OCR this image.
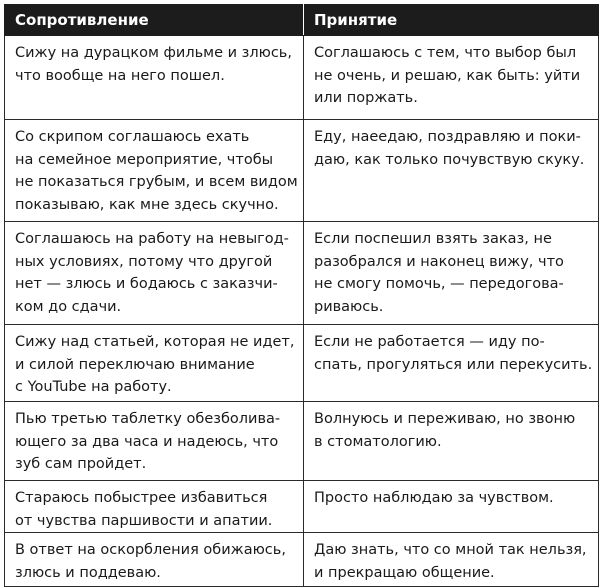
Сопротивление	Принятие

Сижу на дурацком фильме и злюсь,
что вообще на него пошел.	Соглашаюсь с тем, что выбор был
не очень, и решаю, как быть: уйти
или поржать.

Со скрипом соглашаюсь ехать
на семейное мероприятие, чтобы
не показаться грубым, и всем видом
показываю, как мне здесь скучно.	Еду, наеедаю, поздравляю и поки-
даю, как только почувствую скуку.

Соглашаюсь на работу на невыгод-
ных условиях, потому что другой
нет — злюсь и бодаюсь с заказчи-
ком до сдачи.	Если поспешил взять заказ, не
разобрался и наконец вижу, что
не смогу помочь, — передогова-
риваюсь.

Сижу над статьей, которая не идет,
и силой переключаю внимание
с YouTube на работу.	Если не работается — иду по-
спать, прогуляться или перекусить.

Пью третью таблетку обезболива-
ющего за два часа и надеюсь, что
зуб сам пройдет.	Волнуюсь и переживаю, но звоню
в стоматологию.

Стараюсь побыстрее избавиться
от чувства паршивости и апатии.	Просто наблюдаю за чувством.

В ответ на оскорбления обижаюсь,
злюсь и поддеваю.	Даю знать, что со мной так нельзя,
и прекращаю общение.
